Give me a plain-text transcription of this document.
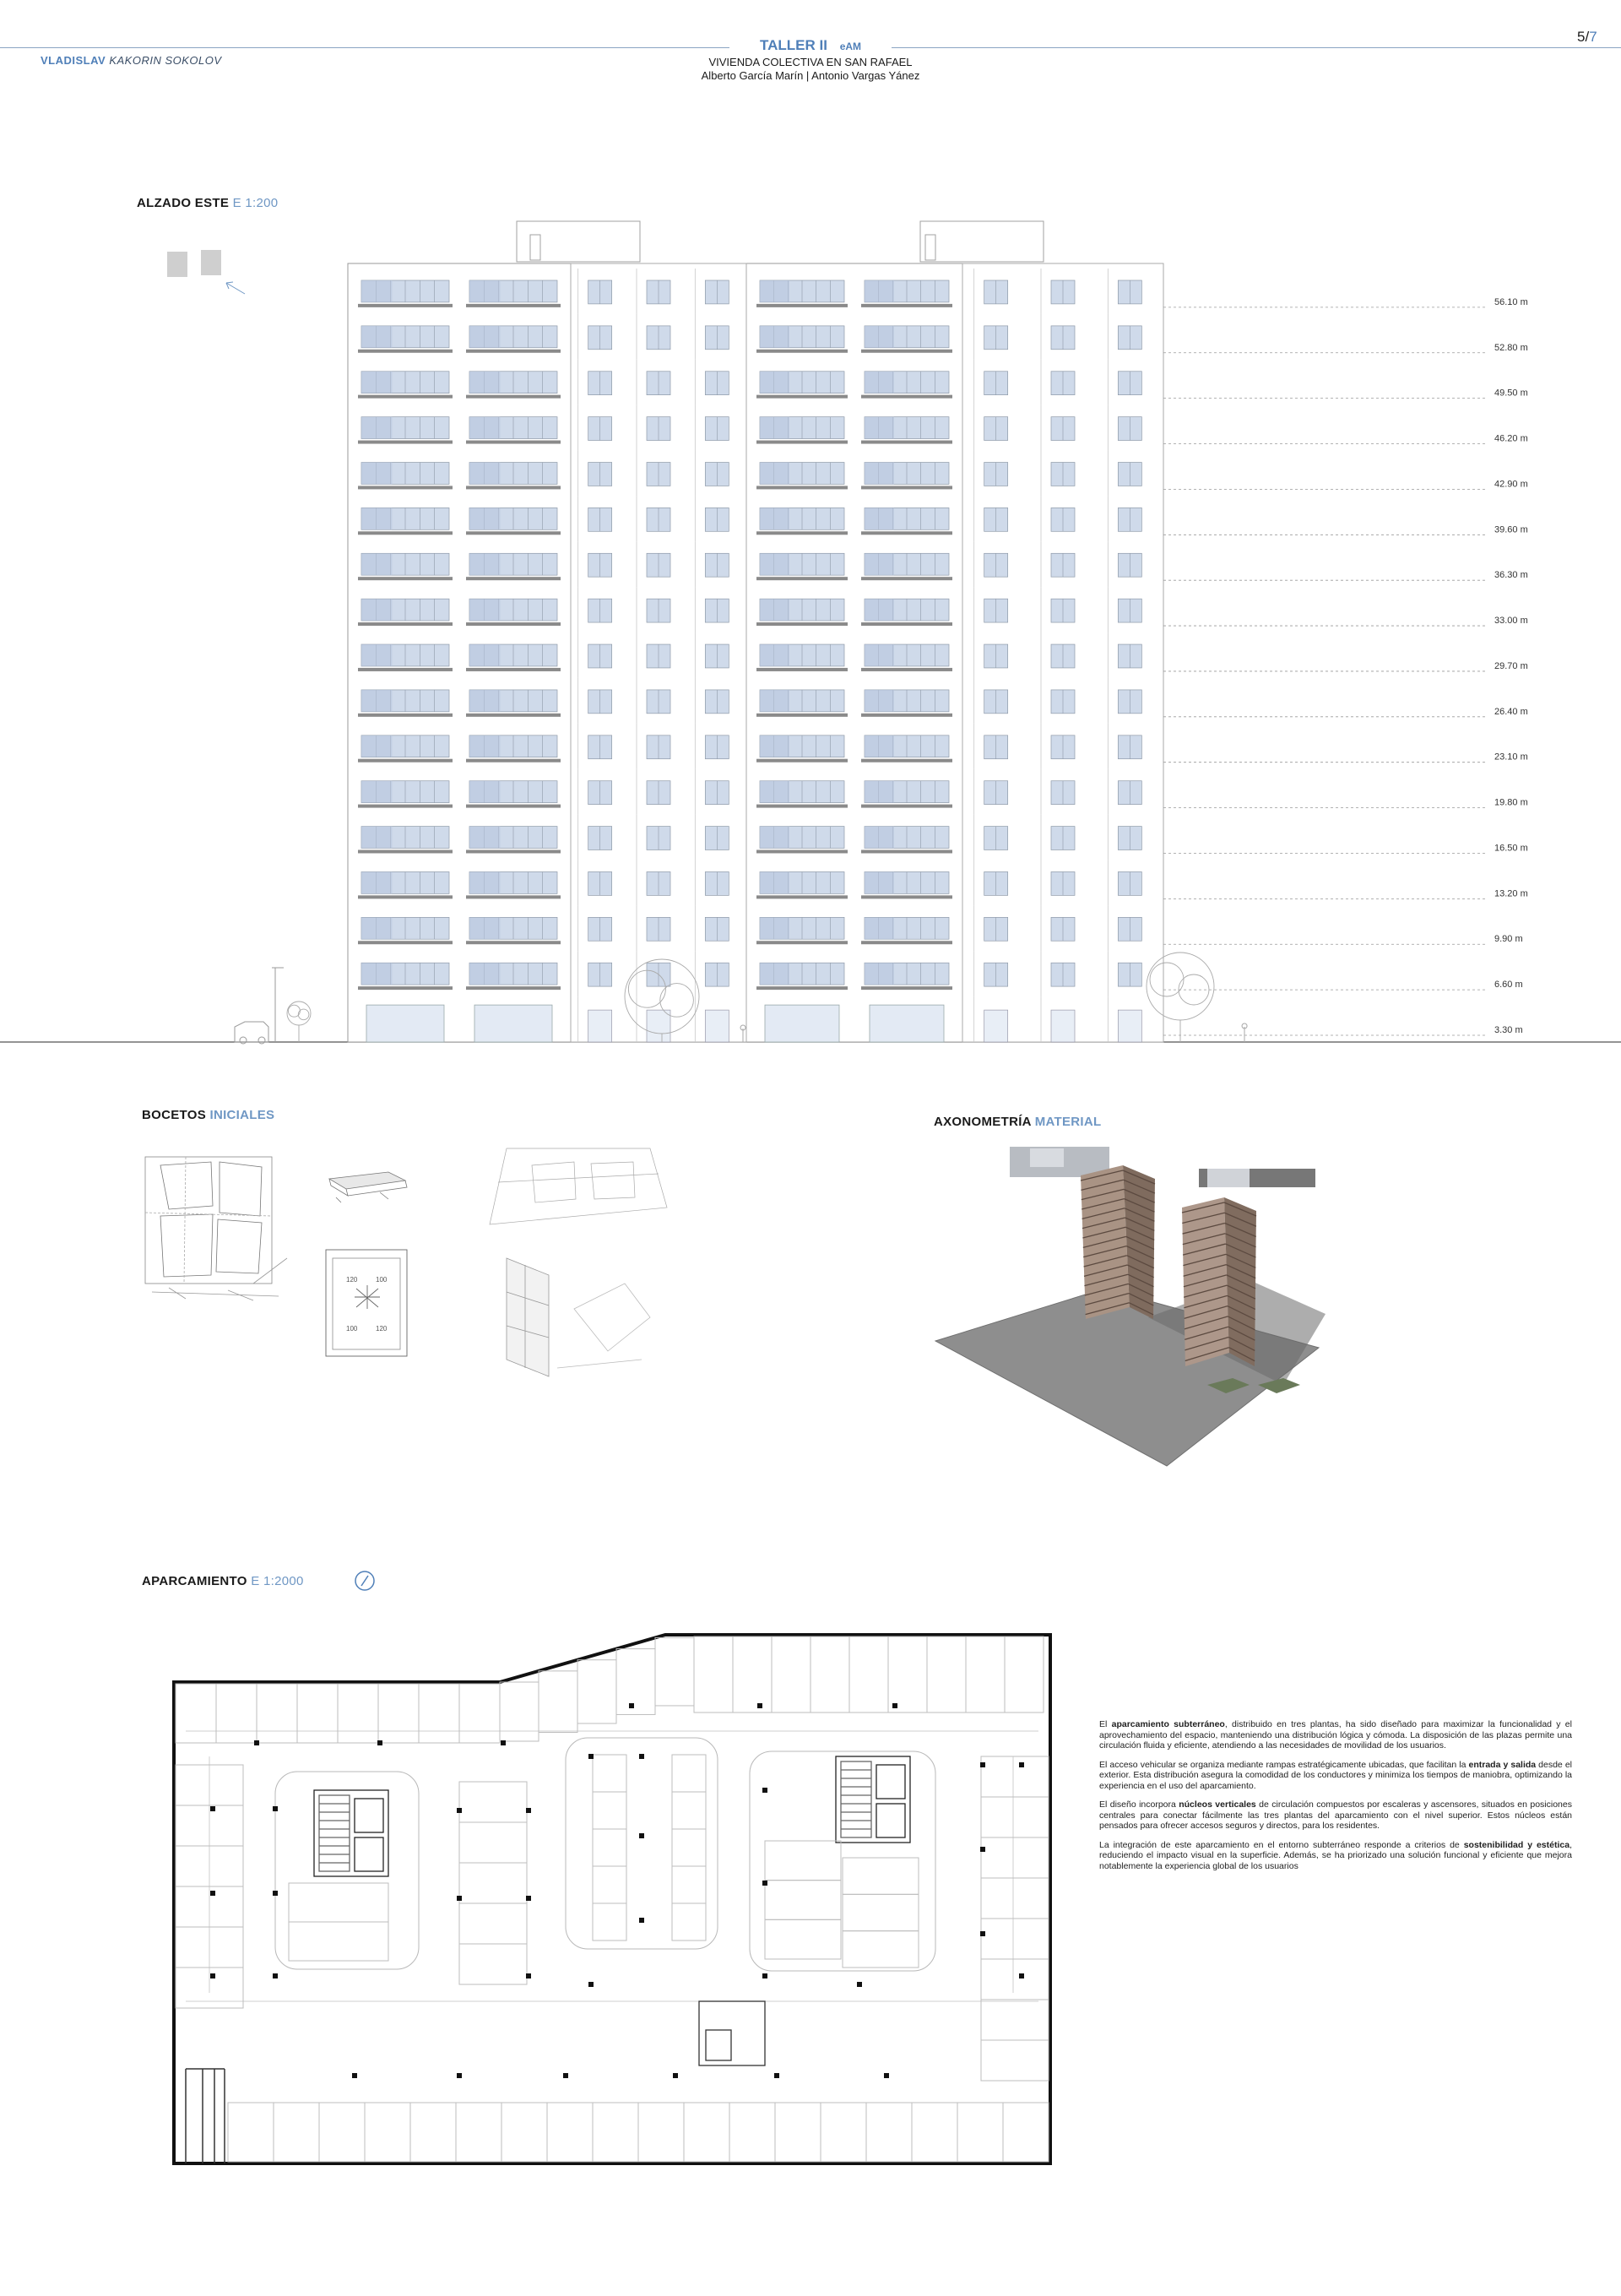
TALLER II eAM
VLADISLAV KAKORIN SOKOLOV	VIVIENDA COLECTIVA EN SAN RAFAEL
Alberto García Marín | Antonio Vargas Yánez
5/7
ALZADO ESTE E 1:200
BOCETOS INICIALES	AXONOMETRÍA MATERIAL
APARCAMIENTO E 1:2000
56.10 m
52.80 m
49.50 m
46.20 m
42.90 m
39.60 m
36.30 m
33.00 m
29.70 m
26.40 m
23.10 m
19.80 m
16.50 m
13.20 m
9.90 m
6.60 m
3.30 m
120	100
100	120

El aparcamiento subterráneo, distribuido en tres plantas, ha sido diseñado para maximizar la funcionalidad y el aprovechamiento del espacio, manteniendo una distribución lógica y cómoda. La disposición de las plazas permite una circulación fluida y eficiente, atendiendo a las necesidades de movilidad de los usuarios.

El acceso vehicular se organiza mediante rampas estratégicamente ubicadas, que facilitan la entrada y salida desde el exterior. Esta distribución asegura la comodidad de los conductores y minimiza los tiempos de maniobra, optimizando la experiencia en el uso del aparcamiento.

El diseño incorpora núcleos verticales de circulación compuestos por escaleras y ascensores, situados en posiciones centrales para conectar fácilmente las tres plantas del aparcamiento con el nivel superior. Estos núcleos están pensados para ofrecer accesos seguros y directos, para los residentes.

La integración de este aparcamiento en el entorno subterráneo responde a criterios de sostenibilidad y estética, reduciendo el impacto visual en la superficie. Además, se ha priorizado una solución funcional y eficiente que mejora notablemente la experiencia global de los usuarios
